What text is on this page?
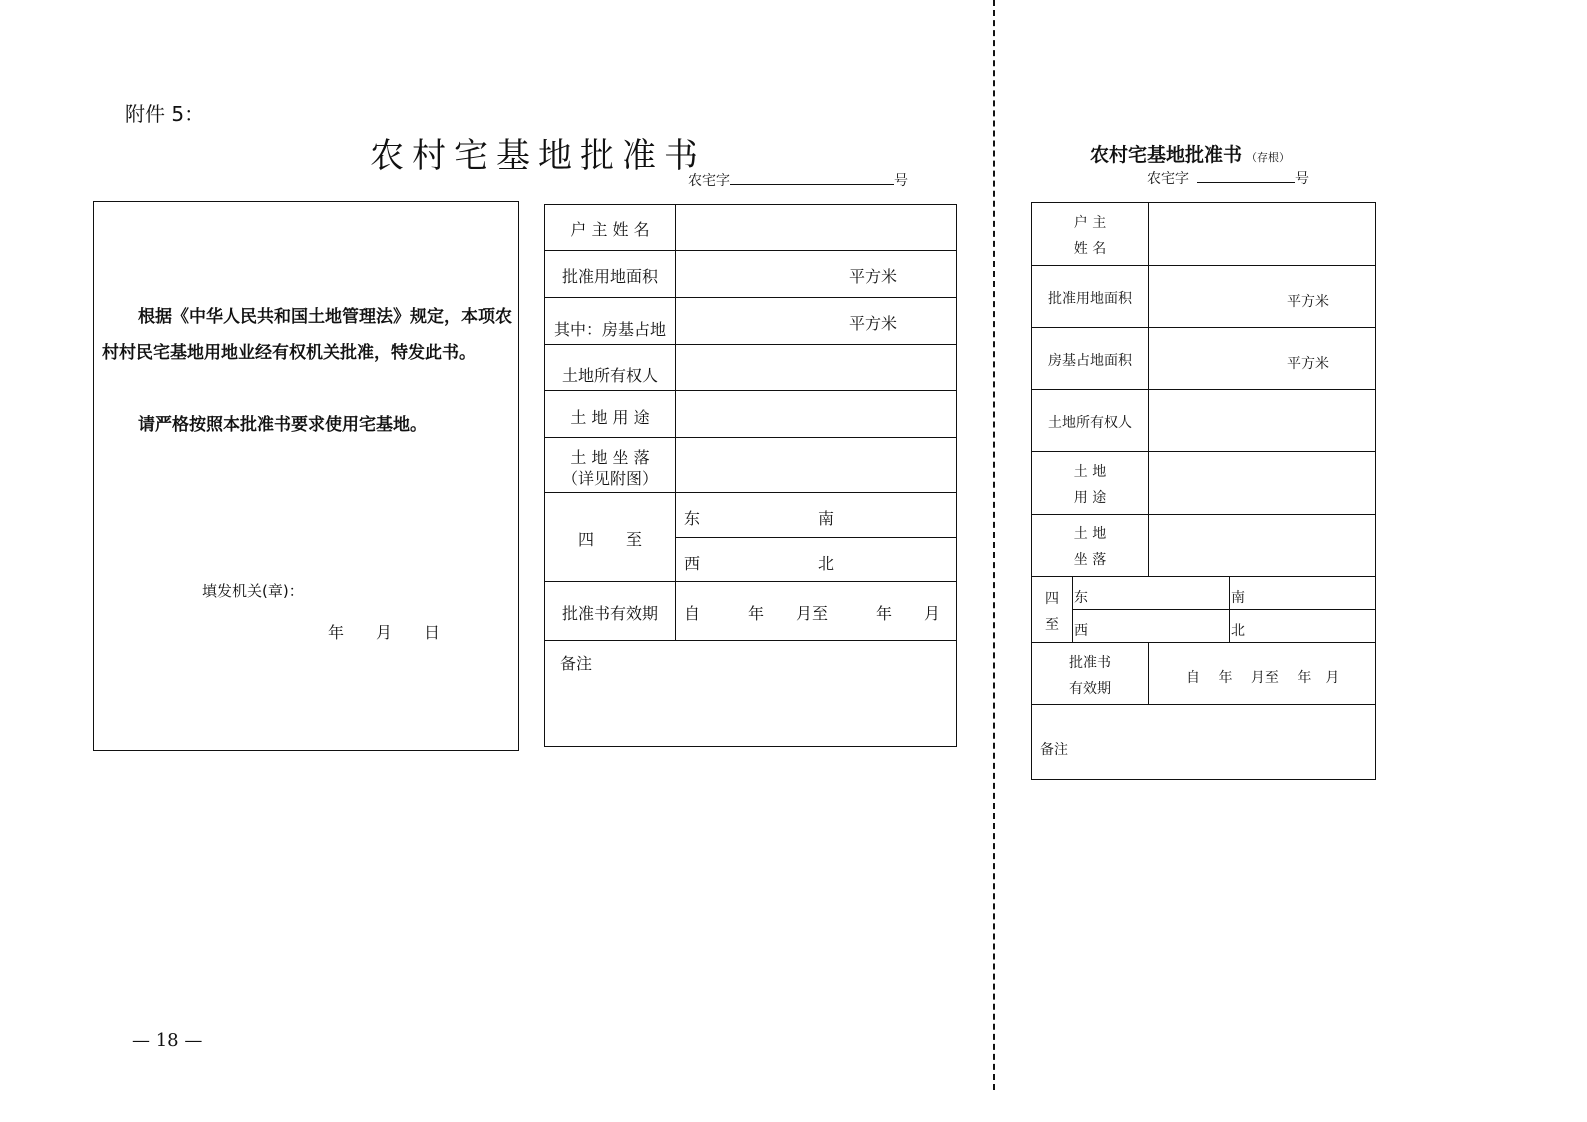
附件 5：
农村宅基地批准书
农宅字	号
根据《中华人民共和国土地管理法》规定，本项农村村民宅基地用地业经有权机关批准，特发此书。
请严格按照本批准书要求使用宅基地。
填发机关(章)：
年　　月　　日
户 主 姓 名
批准用地面积	平方米
其中：房基占地	平方米
土地所有权人
土 地 用 途
土 地 坐 落
（详见附图）
四　　至
东	南
西	北
批准书有效期	自　　　年　　月至　　　年　　月
备注
农村宅基地批准书 （存根）
农宅字	号
户 主
姓 名
批准用地面积	平方米
房基占地面积	平方米
土地所有权人
土 地
用 途
土 地
坐 落
四
至
东	南
西	北
批准书
有效期
自　 年　 月至　 年　月
备注
— 18 —
